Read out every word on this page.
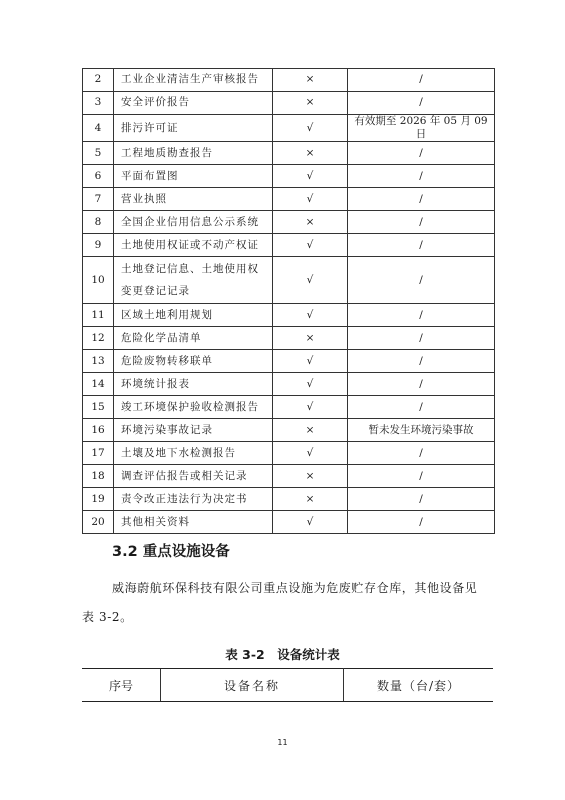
2	工业企业清洁生产审核报告	×	/
3	安全评价报告	×	/
4	排污许可证	√	有效期至 2026 年 05 月 09 日
5	工程地质勘查报告	×	/
6	平面布置图	√	/
7	营业执照	√	/
8	全国企业信用信息公示系统	×	/
9	土地使用权证或不动产权证	√	/
10	土地登记信息、土地使用权
变更登记记录	√	/
11	区域土地利用规划	√	/
12	危险化学品清单	×	/
13	危险废物转移联单	√	/
14	环境统计报表	√	/
15	竣工环境保护验收检测报告	√	/
16	环境污染事故记录	×	暂未发生环境污染事故
17	土壤及地下水检测报告	√	/
18	调查评估报告或相关记录	×	/
19	责令改正违法行为决定书	×	/
20	其他相关资料	√	/
3.2 重点设施设备
威海蔚航环保科技有限公司重点设施为危废贮存仓库，其他设备见表 3-2。
表 3-2　设备统计表
序号	设备名称	数量（台/套）
11
